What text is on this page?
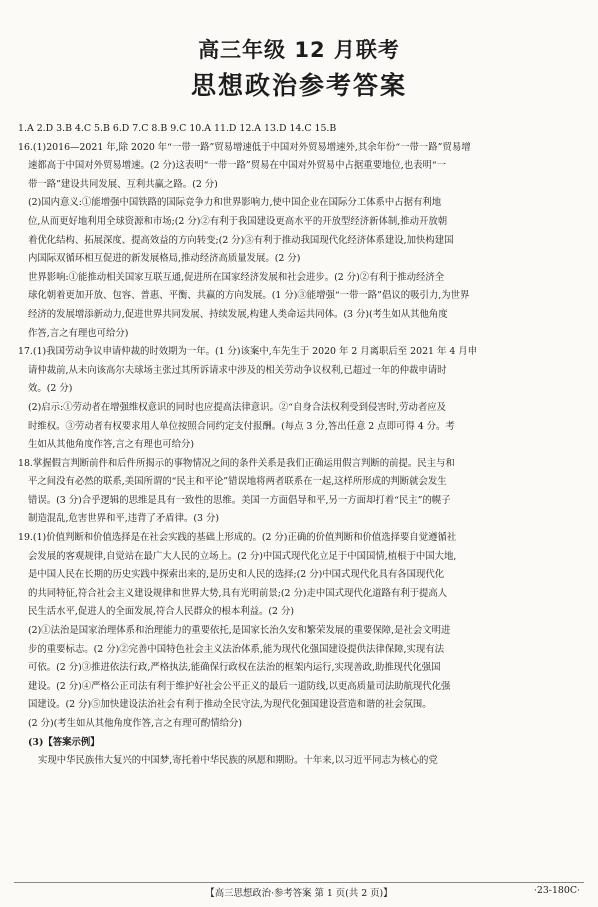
高三年级 12 月联考
思想政治参考答案
1.A 2.D 3.B 4.C 5.B 6.D 7.C 8.B 9.C 10.A 11.D 12.A 13.D 14.C 15.B
16.(1)2016—2021 年,除 2020 年“一带一路”贸易增速低于中国对外贸易增速外,其余年份“一带一路”贸易增
速都高于中国对外贸易增速。(2 分)这表明“一带一路”贸易在中国对外贸易中占据重要地位,也表明“一
带一路”建设共同发展、互利共赢之路。(2 分)
(2)国内意义:①能增强中国铁路的国际竞争力和世界影响力,使中国企业在国际分工体系中占据有利地
位,从而更好地利用全球资源和市场;(2 分)②有利于我国建设更高水平的开放型经济新体制,推动开放朝
着优化结构、拓展深度、提高效益的方向转变;(2 分)③有利于推动我国现代化经济体系建设,加快构建国
内国际双循环相互促进的新发展格局,推动经济高质量发展。(2 分)
世界影响:①能推动相关国家互联互通,促进所在国家经济发展和社会进步。(2 分)②有利于推动经济全
球化朝着更加开放、包容、普惠、平衡、共赢的方向发展。(1 分)③能增强“一带一路”倡议的吸引力,为世界
经济的发展增添新动力,促进世界共同发展、持续发展,构建人类命运共同体。(3 分)(考生如从其他角度
作答,言之有理也可给分)
17.(1)我国劳动争议申请仲裁的时效期为一年。(1 分)该案中,车先生于 2020 年 2 月离职后至 2021 年 4 月申
请仲裁前,从未向该高尔夫球场主张过其所诉请求中涉及的相关劳动争议权利,已超过一年的仲裁申请时
效。(2 分)
(2)启示:①劳动者在增强维权意识的同时也应提高法律意识。②“自身合法权利受到侵害时,劳动者应及
时维权。③劳动者有权要求用人单位按照合同约定支付报酬。(每点 3 分,答出任意 2 点即可得 4 分。考
生如从其他角度作答,言之有理也可给分)
18.掌握假言判断前件和后件所揭示的事物情况之间的条件关系是我们正确运用假言判断的前提。民主与和
平之间没有必然的联系,美国所谓的“民主和平论”错误地将两者联系在一起,这样所形成的判断就会发生
错误。(3 分)合乎逻辑的思维是具有一致性的思维。美国一方面倡导和平,另一方面却打着“民主”的幌子
制造混乱,危害世界和平,违背了矛盾律。(3 分)
19.(1)价值判断和价值选择是在社会实践的基础上形成的。(2 分)正确的价值判断和价值选择要自觉遵循社
会发展的客观规律,自觉站在最广大人民的立场上。(2 分)中国式现代化立足于中国国情,植根于中国大地,
是中国人民在长期的历史实践中探索出来的,是历史和人民的选择;(2 分)中国式现代化具有各国现代化
的共同特征,符合社会主义建设规律和世界大势,具有光明前景;(2 分)走中国式现代化道路有利于提高人
民生活水平,促进人的全面发展,符合人民群众的根本利益。(2 分)
(2)①法治是国家治理体系和治理能力的重要依托,是国家长治久安和繁荣发展的重要保障,是社会文明进
步的重要标志。(2 分)②完善中国特色社会主义法治体系,能为现代化强国建设提供法律保障,实现有法
可依。(2 分)③推进依法行政,严格执法,能确保行政权在法治的框架内运行,实现善政,助推现代化强国
建设。(2 分)④严格公正司法有利于维护好社会公平正义的最后一道防线,以更高质量司法助航现代化强
国建设。(2 分)⑤加快建设法治社会有利于推动全民守法,为现代化强国建设营造和谐的社会氛围。
(2 分)(考生如从其他角度作答,言之有理可酌情给分)
(3)【答案示例】
实现中华民族伟大复兴的中国梦,寄托着中华民族的夙愿和期盼。十年来,以习近平同志为核心的党
【高三思想政治·参考答案 第 1 页(共 2 页)】	·23-180C·
